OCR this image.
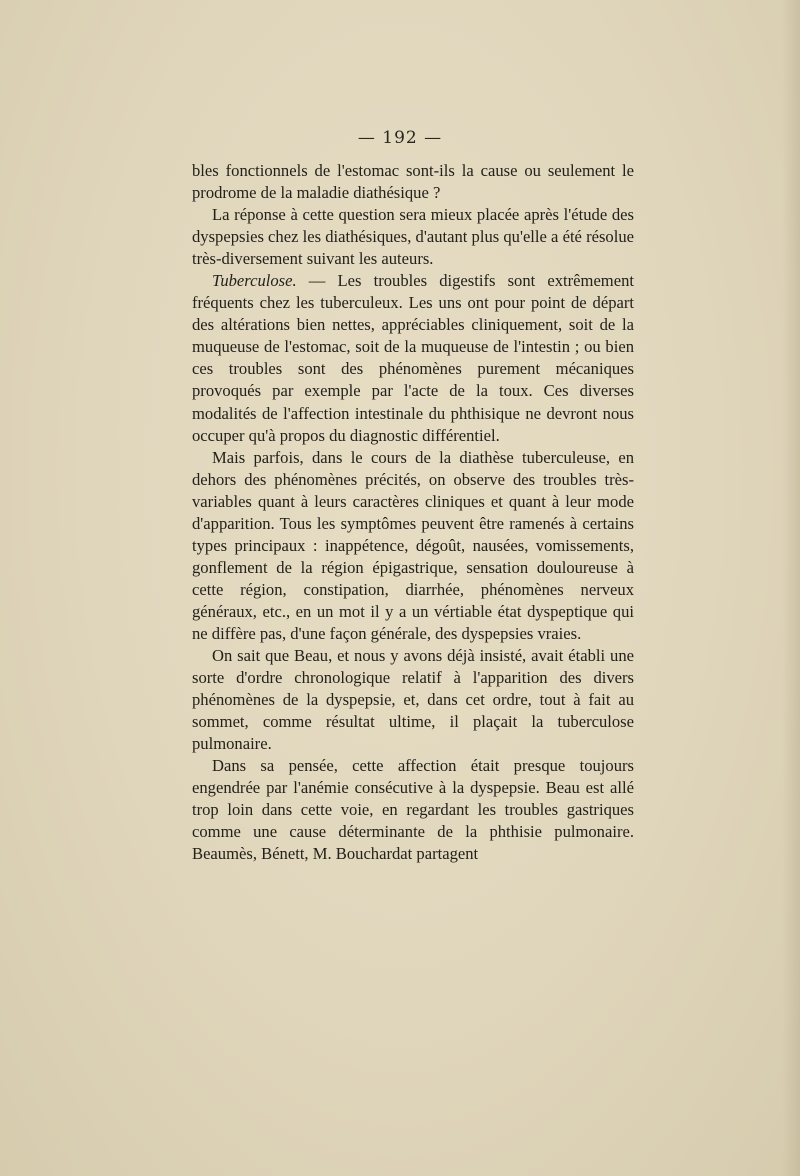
— 192 —

bles fonctionnels de l'estomac sont-ils la cause ou seulement le prodrome de la maladie diathésique ?

La réponse à cette question sera mieux placée après l'étude des dyspepsies chez les diathésiques, d'autant plus qu'elle a été résolue très-diversement suivant les auteurs.

Tuberculose. — Les troubles digestifs sont extrêmement fréquents chez les tuberculeux. Les uns ont pour point de départ des altérations bien nettes, appréciables cliniquement, soit de la muqueuse de l'estomac, soit de la muqueuse de l'intestin ; ou bien ces troubles sont des phénomènes purement mécaniques provoqués par exemple par l'acte de la toux. Ces diverses modalités de l'affection intestinale du phthisique ne devront nous occuper qu'à propos du diagnostic différentiel.

Mais parfois, dans le cours de la diathèse tuberculeuse, en dehors des phénomènes précités, on observe des troubles très-variables quant à leurs caractères cliniques et quant à leur mode d'apparition. Tous les symptômes peuvent être ramenés à certains types principaux : inappétence, dégoût, nausées, vomissements, gonflement de la région épigastrique, sensation douloureuse à cette région, constipation, diarrhée, phénomènes nerveux généraux, etc., en un mot il y a un vértiable état dyspeptique qui ne diffère pas, d'une façon générale, des dyspepsies vraies.

On sait que Beau, et nous y avons déjà insisté, avait établi une sorte d'ordre chronologique relatif à l'apparition des divers phénomènes de la dyspepsie, et, dans cet ordre, tout à fait au sommet, comme résultat ultime, il plaçait la tuberculose pulmonaire.

Dans sa pensée, cette affection était presque toujours engendrée par l'anémie consécutive à la dyspepsie. Beau est allé trop loin dans cette voie, en regardant les troubles gastriques comme une cause déterminante de la phthisie pulmonaire. Beaumès, Bénett, M. Bouchardat partagent
